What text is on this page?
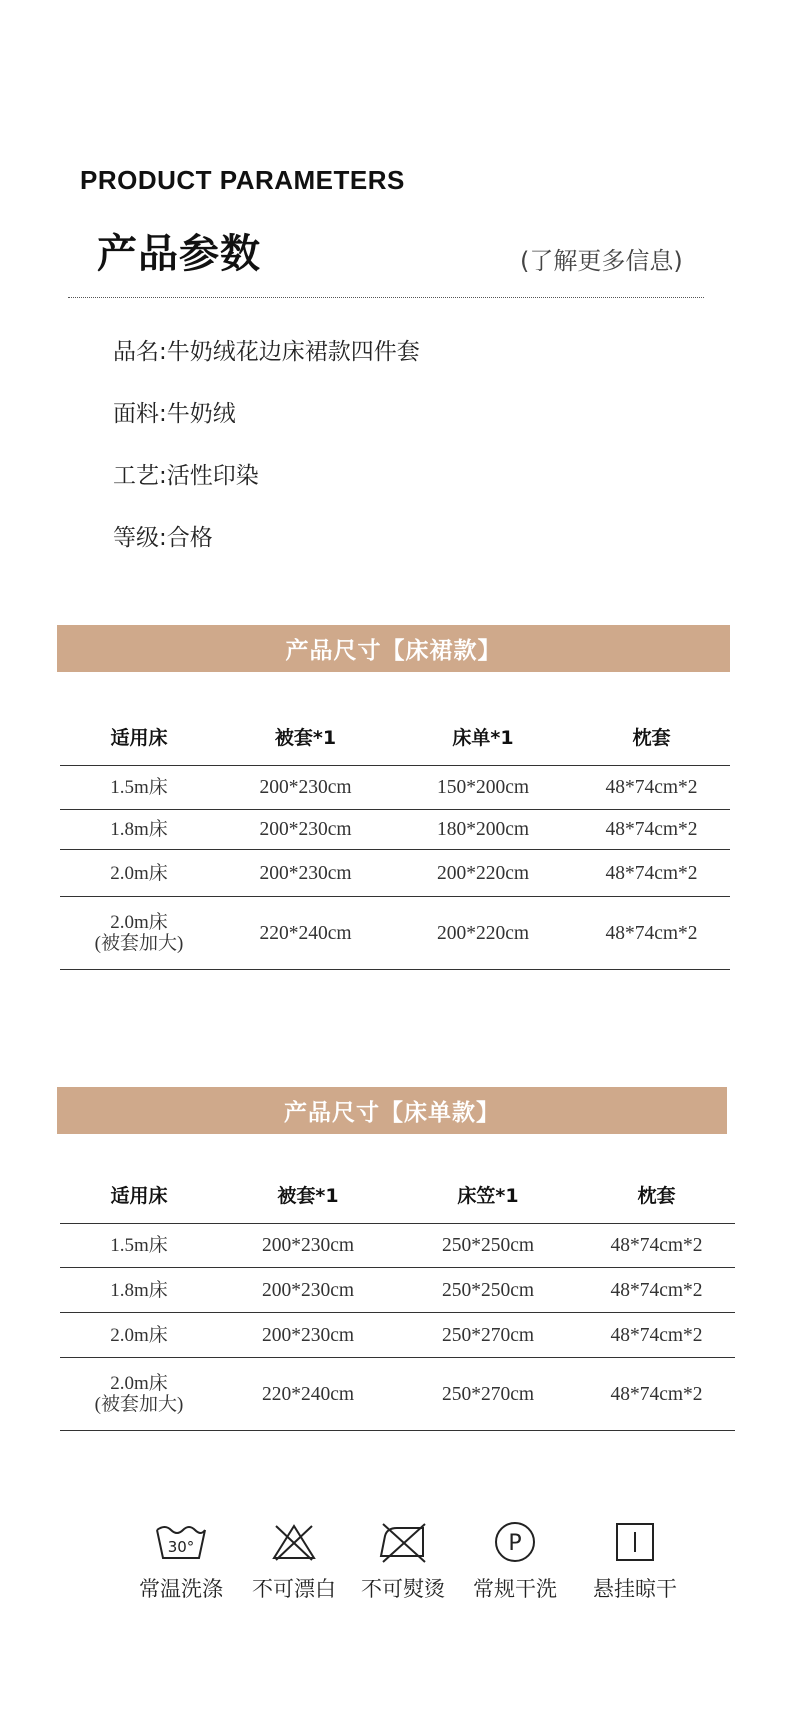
PRODUCT PARAMETERS
产品参数	(了解更多信息)
品名:牛奶绒花边床裙款四件套
面料:牛奶绒
工艺:活性印染
等级:合格
产品尺寸【床裙款】
适用床	被套*1	床单*1	枕套
1.5m床	200*230cm	150*200cm	48*74cm*2
1.8m床	200*230cm	180*200cm	48*74cm*2
2.0m床	200*230cm	200*220cm	48*74cm*2

2.0m床
(被套加大)	220*240cm	200*220cm	48*74cm*2
产品尺寸【床单款】
适用床	被套*1	床笠*1	枕套
1.5m床	200*230cm	250*250cm	48*74cm*2
1.8m床	200*230cm	250*250cm	48*74cm*2
2.0m床	200*230cm	250*270cm	48*74cm*2

2.0m床
(被套加大)	220*240cm	250*270cm	48*74cm*2
30°	P
常温洗涤	不可漂白	不可熨烫	常规干洗	悬挂晾干
